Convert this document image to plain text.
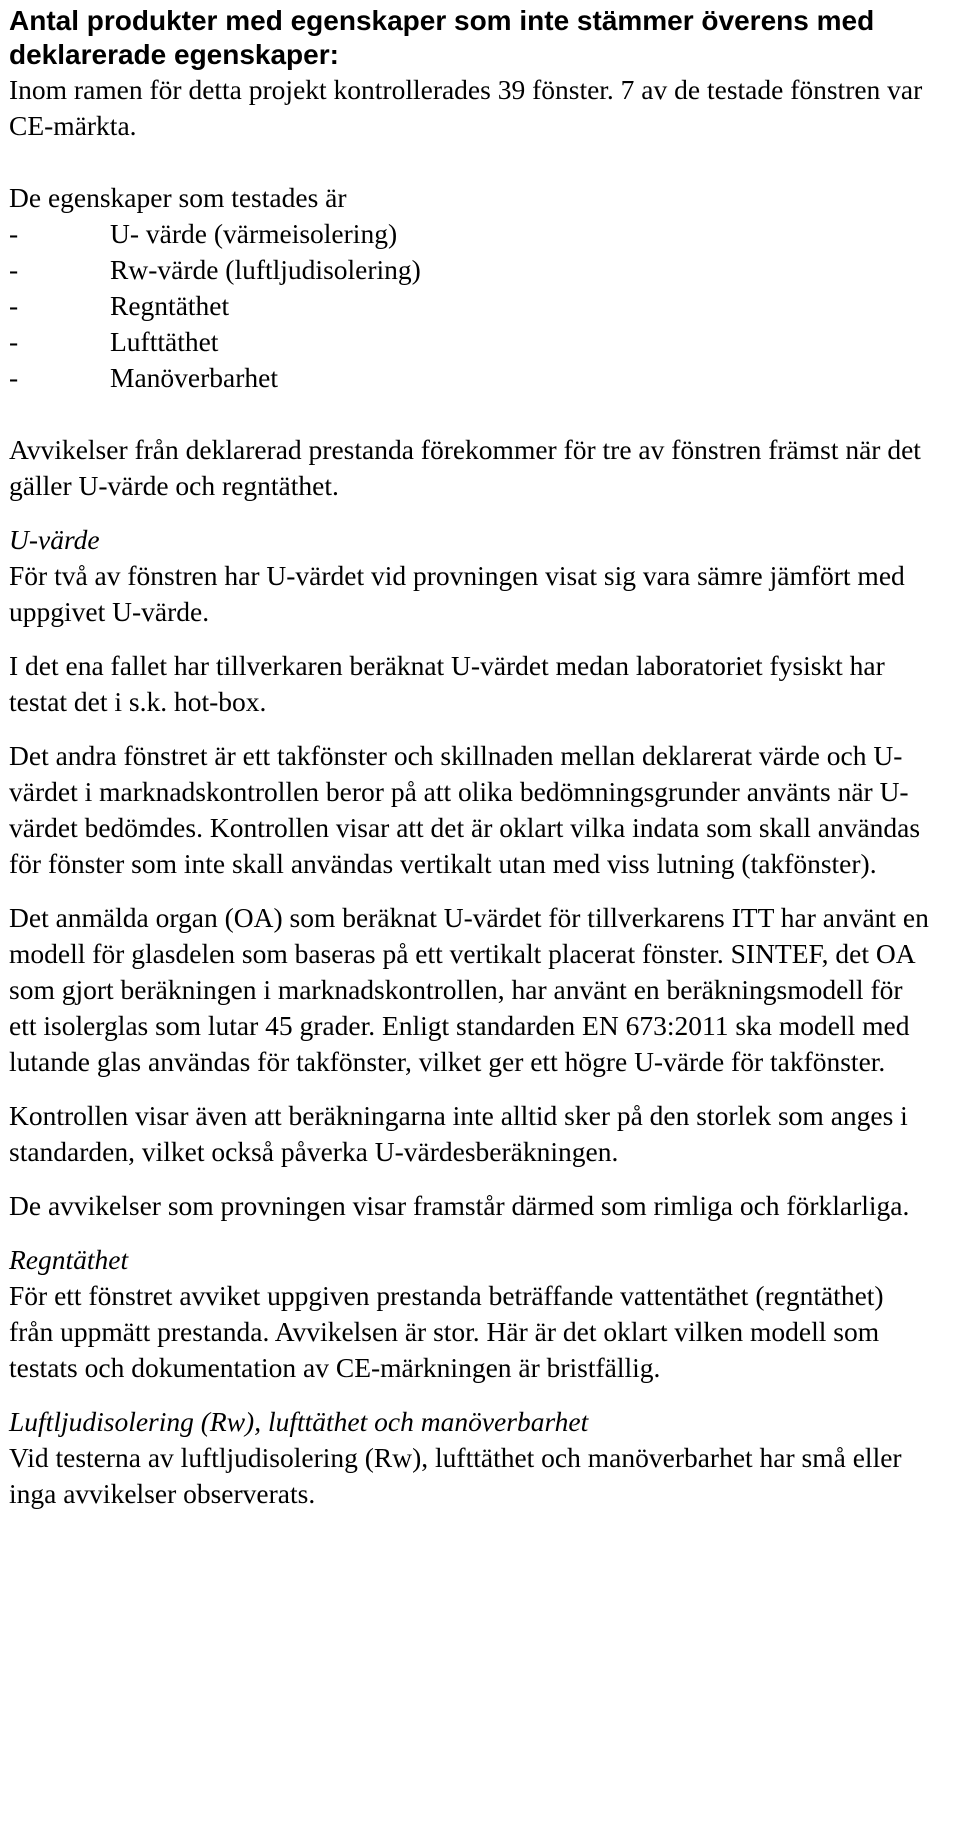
Antal produkter med egenskaper som inte stämmer överens med deklarerade egenskaper:

Inom ramen för detta projekt kontrollerades 39 fönster. 7 av de testade fönstren var CE-märkta.

De egenskaper som testades är

-	U- värde (värmeisolering)
-	Rw-värde (luftljudisolering)
-	Regntäthet
-	Lufttäthet
-	Manöverbarhet

Avvikelser från deklarerad prestanda förekommer för tre av fönstren främst när det gäller U-värde och regntäthet.

U-värde

För två av fönstren har U-värdet vid provningen visat sig vara sämre jämfört med uppgivet U-värde.

I det ena fallet har tillverkaren beräknat U-värdet medan laboratoriet fysiskt har testat det i s.k. hot-box.

Det andra fönstret är ett takfönster och skillnaden mellan deklarerat värde och U-värdet i marknadskontrollen beror på att olika bedömningsgrunder använts när U-värdet bedömdes. Kontrollen visar att det är oklart vilka indata som skall användas för fönster som inte skall användas vertikalt utan med viss lutning (takfönster).

Det anmälda organ (OA) som beräknat U-värdet för tillverkarens ITT har använt en modell för glasdelen som baseras på ett vertikalt placerat fönster. SINTEF, det OA som gjort beräkningen i marknadskontrollen, har använt en beräkningsmodell för ett isolerglas som lutar 45 grader. Enligt standarden EN 673:2011 ska modell med lutande glas användas för takfönster, vilket ger ett högre U-värde för takfönster.

Kontrollen visar även att beräkningarna inte alltid sker på den storlek som anges i standarden, vilket också påverka U-värdesberäkningen.

De avvikelser som provningen visar framstår därmed som rimliga och förklarliga.

Regntäthet

För ett fönstret avviket uppgiven prestanda beträffande vattentäthet (regntäthet) från uppmätt prestanda. Avvikelsen är stor. Här är det oklart vilken modell som testats och dokumentation av CE-märkningen är bristfällig.

Luftljudisolering (Rw), lufttäthet och manöverbarhet

Vid testerna av luftljudisolering (Rw), lufttäthet och manöverbarhet har små eller inga avvikelser observerats.
